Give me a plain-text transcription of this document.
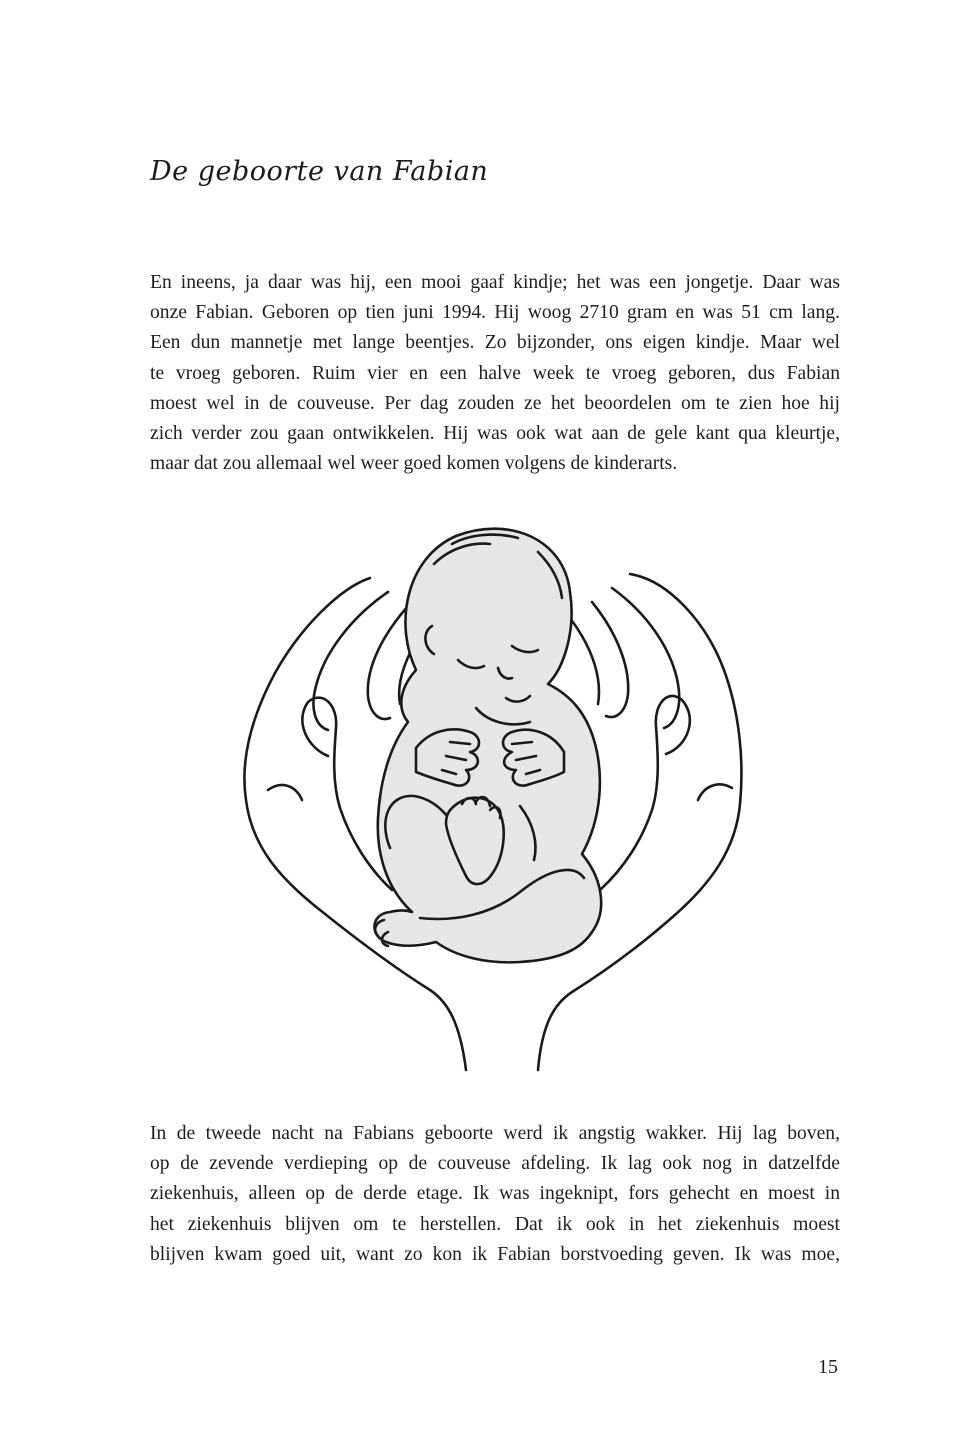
De geboorte van Fabian

En ineens, ja daar was hij, een mooi gaaf kindje; het was een jongetje. Daar was
onze Fabian. Geboren op tien juni 1994. Hij woog 2710 gram en was 51 cm lang.
Een dun mannetje met lange beentjes. Zo bijzonder, ons eigen kindje. Maar wel
te vroeg geboren. Ruim vier en een halve week te vroeg geboren, dus Fabian
moest wel in de couveuse. Per dag zouden ze het beoordelen om te zien hoe hij
zich verder zou gaan ontwikkelen. Hij was ook wat aan de gele kant qua kleurtje,
maar dat zou allemaal wel weer goed komen volgens de kinderarts.

In de tweede nacht na Fabians geboorte werd ik angstig wakker. Hij lag boven,
op de zevende verdieping op de couveuse afdeling. Ik lag ook nog in datzelfde
ziekenhuis, alleen op de derde etage. Ik was ingeknipt, fors gehecht en moest in
het ziekenhuis blijven om te herstellen. Dat ik ook in het ziekenhuis moest
blijven kwam goed uit, want zo kon ik Fabian borstvoeding geven. Ik was moe,

15
